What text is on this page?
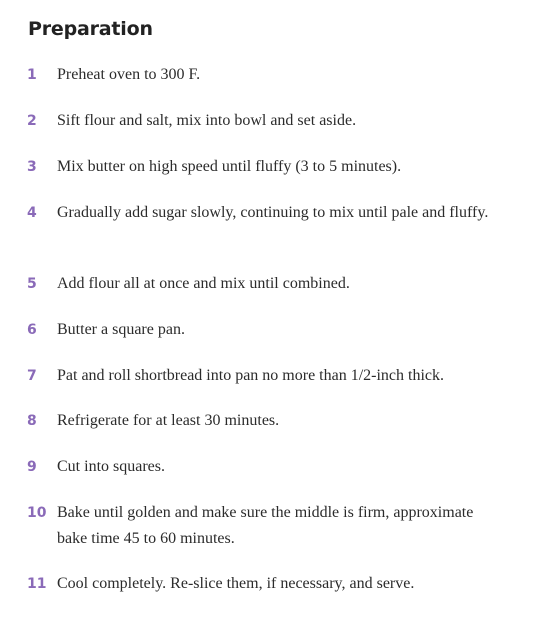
Preparation
1 Preheat oven to 300 F.
2 Sift flour and salt, mix into bowl and set aside.
3 Mix butter on high speed until fluffy (3 to 5 minutes).
4 Gradually add sugar slowly, continuing to mix until pale and fluffy.
5 Add flour all at once and mix until combined.
6 Butter a square pan.
7 Pat and roll shortbread into pan no more than 1/2-inch thick.
8 Refrigerate for at least 30 minutes.
9 Cut into squares.
10 Bake until golden and make sure the middle is firm, approximate bake time 45 to 60 minutes.
11 Cool completely. Re-slice them, if necessary, and serve.
